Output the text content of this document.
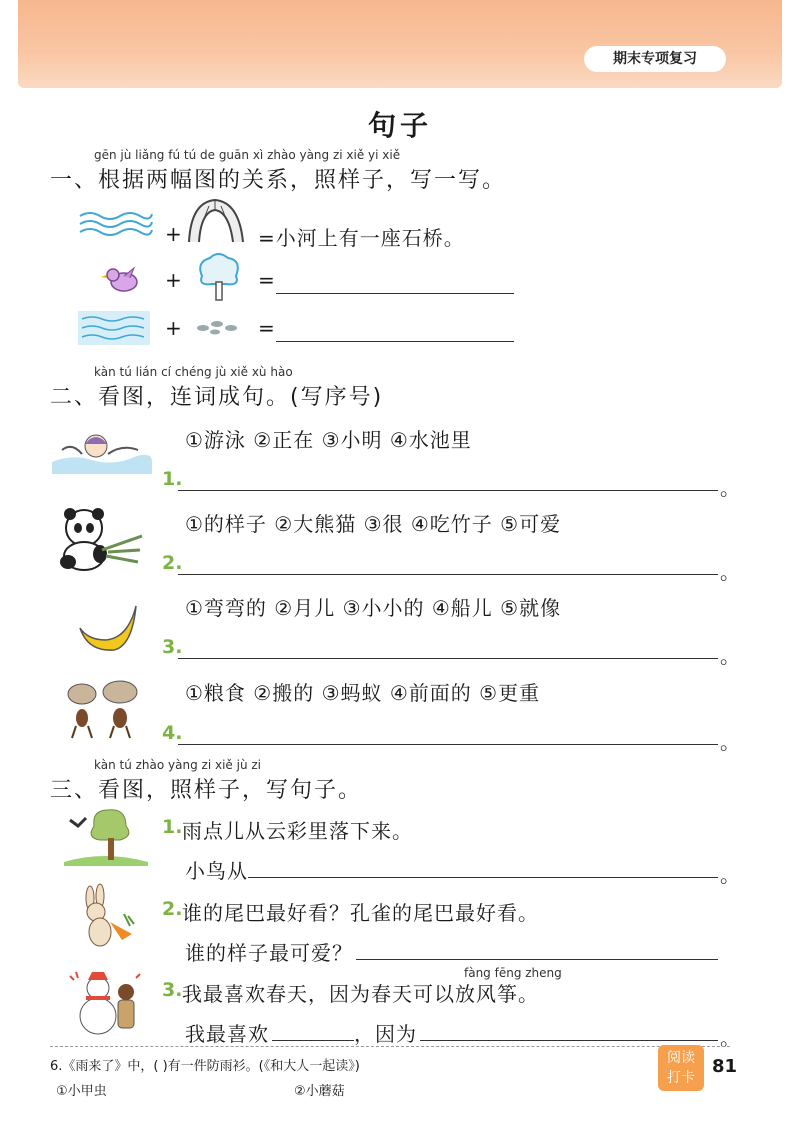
期末专项复习
句子
gēn jù liǎng fú tú de guān xì zhào yàng zi xiě yi xiě
一、根据两幅图的关系，照样子，写一写。
+	=小河上有一座石桥。
+	=
+	=
kàn tú lián cí chéng jù xiě xù hào
二、看图，连词成句。(写序号)
①游泳 ②正在 ③小明 ④水池里
1.	。
①的样子 ②大熊猫 ③很 ④吃竹子 ⑤可爱
2.	。
①弯弯的 ②月儿 ③小小的 ④船儿 ⑤就像
3.	。
①粮食 ②搬的 ③蚂蚁 ④前面的 ⑤更重
4.	。
kàn tú zhào yàng zi xiě jù zi
三、看图，照样子，写句子。
1. 雨点儿从云彩里落下来。
小鸟从	。
2. 谁的尾巴最好看？孔雀的尾巴最好看。
谁的样子最可爱？
3.
fàng fēng zheng
我最喜欢春天，因为春天可以放风筝。
我最喜欢	，因为	。
6.《雨来了》中，( )有一件防雨衫。(《和大人一起读》)
①小甲虫	②小蘑菇
阅读
打卡
81
